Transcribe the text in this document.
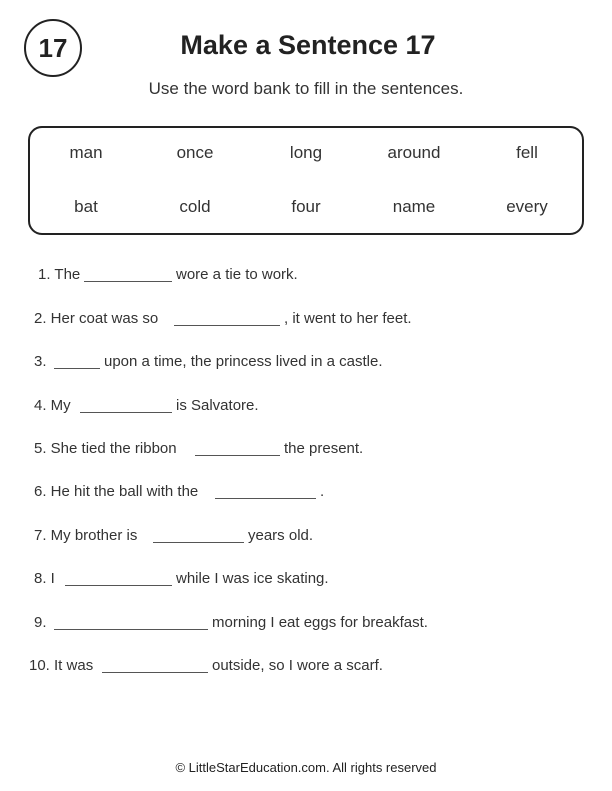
17	Make a Sentence 17
Use the word bank to fill in the sentences.
man	once	long	around	fell
bat	cold	four	name	every
1. The	wore a tie to work.
2. Her coat was so	, it went to her feet.
3.	upon a time, the princess lived in a castle.
4. My	is Salvatore.
5. She tied the ribbon	the present.
6. He hit the ball with the	.
7. My brother is	years old.
8. I	while I was ice skating.
9.	morning I eat eggs for breakfast.
10. It was	outside, so I wore a scarf.
© LittleStarEducation.com. All rights reserved
